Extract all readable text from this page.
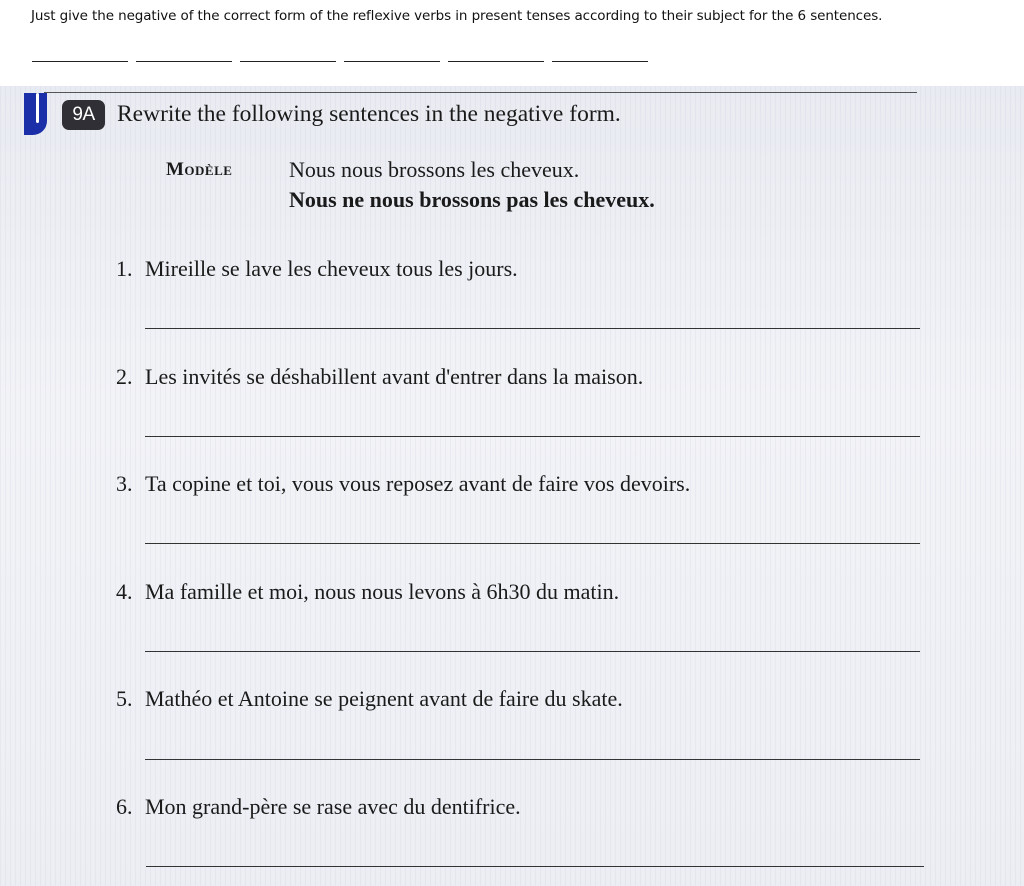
Just give the negative of the correct form of the reflexive verbs in present tenses according to their subject for the 6 sentences.
9A Rewrite the following sentences in the negative form.
Modèle	Nous nous brossons les cheveux.
Nous ne nous brossons pas les cheveux.
1. Mireille se lave les cheveux tous les jours.
2. Les invités se déshabillent avant d'entrer dans la maison.
3. Ta copine et toi, vous vous reposez avant de faire vos devoirs.
4. Ma famille et moi, nous nous levons à 6h30 du matin.
5. Mathéo et Antoine se peignent avant de faire du skate.
6. Mon grand-père se rase avec du dentifrice.
